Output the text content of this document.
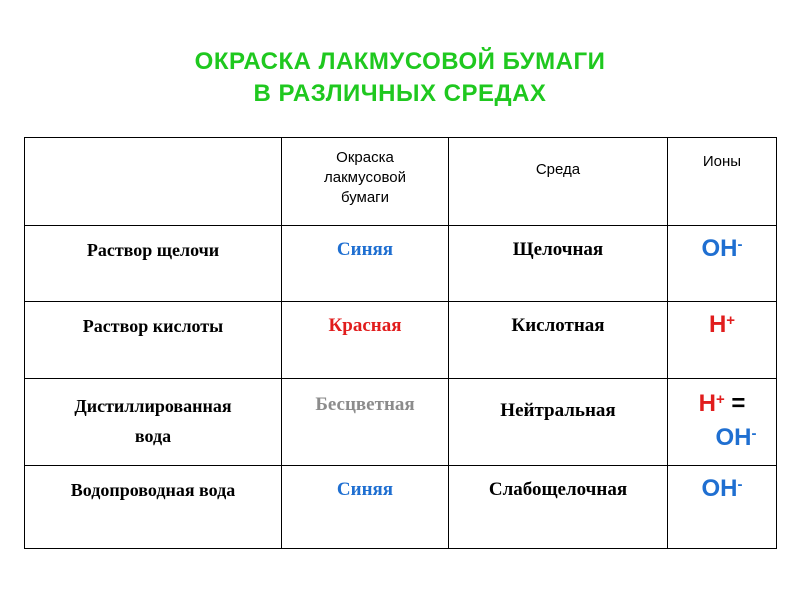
ОКРАСКА ЛАКМУСОВОЙ БУМАГИ
В РАЗЛИЧНЫХ СРЕДАХ

	Окраска
лакмусовой
бумаги	Среда	Ионы

Раствор щелочи	Синяя	Щелочная	OH-

Раствор кислоты	Красная	Кислотная	H+

Дистиллированная
вода	Бесцветная	Нейтральная	H+ =
OH-

Водопроводная вода	Синяя	Слабощелочная	OH-
